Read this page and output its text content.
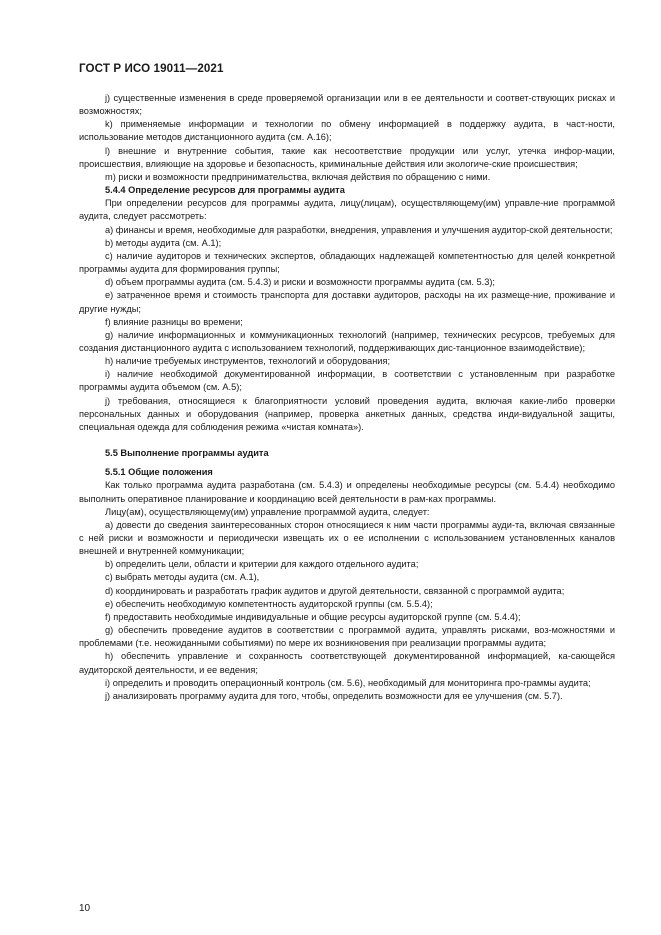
ГОСТ Р ИСО 19011—2021

j) существенные изменения в среде проверяемой организации или в ее деятельности и соответ-ствующих рисках и возможностях;

k) применяемые информации и технологии по обмену информацией в поддержку аудита, в част-ности, использование методов дистанционного аудита (см. А.16);

l) внешние и внутренние события, такие как несоответствие продукции или услуг, утечка инфор-мации, происшествия, влияющие на здоровье и безопасность, криминальные действия или экологиче-ские происшествия;

m) риски и возможности предпринимательства, включая действия по обращению с ними.

5.4.4 Определение ресурсов для программы аудита

При определении ресурсов для программы аудита, лицу(лицам), осуществляющему(им) управле-ние программой аудита, следует рассмотреть:

a) финансы и время, необходимые для разработки, внедрения, управления и улучшения аудитор-ской деятельности;

b) методы аудита (см. А.1);

c) наличие аудиторов и технических экспертов, обладающих надлежащей компетентностью для целей конкретной программы аудита для формирования группы;

d) объем программы аудита (см. 5.4.3) и риски и возможности программы аудита (см. 5.3);

e) затраченное время и стоимость транспорта для доставки аудиторов, расходы на их размеще-ние, проживание и другие нужды;

f) влияние разницы во времени;

g) наличие информационных и коммуникационных технологий (например, технических ресурсов, требуемых для создания дистанционного аудита с использованием технологий, поддерживающих дис-танционное взаимодействие);

h) наличие требуемых инструментов, технологий и оборудования;

i) наличие необходимой документированной информации, в соответствии с установленным при разработке программы аудита объемом (см. А.5);

j) требования, относящиеся к благоприятности условий проведения аудита, включая какие-либо проверки персональных данных и оборудования (например, проверка анкетных данных, средства инди-видуальной защиты, специальная одежда для соблюдения режима «чистая комната»).

5.5 Выполнение программы аудита

5.5.1 Общие положения

Как только программа аудита разработана (см. 5.4.3) и определены необходимые ресурсы (см. 5.4.4) необходимо выполнить оперативное планирование и координацию всей деятельности в рам-ках программы.

Лицу(ам), осуществляющему(им) управление программой аудита, следует:

a) довести до сведения заинтересованных сторон относящиеся к ним части программы ауди-та, включая связанные с ней риски и возможности и периодически извещать их о ее исполнении с использованием установленных каналов внешней и внутренней коммуникации;

b) определить цели, области и критерии для каждого отдельного аудита;

c) выбрать методы аудита (см. А.1),

d) координировать и разработать график аудитов и другой деятельности, связанной с программой аудита;

e) обеспечить необходимую компетентность аудиторской группы (см. 5.5.4);

f) предоставить необходимые индивидуальные и общие ресурсы аудиторской группе (см. 5.4.4);

g) обеспечить проведение аудитов в соответствии с программой аудита, управлять рисками, воз-можностями и проблемами (т.е. неожиданными событиями) по мере их возникновения при реализации программы аудита;

h) обеспечить управление и сохранность соответствующей документированной информацией, ка-сающейся аудиторской деятельности, и ее ведения;

i) определить и проводить операционный контроль (см. 5.6), необходимый для мониторинга про-граммы аудита;

j) анализировать программу аудита для того, чтобы, определить возможности для ее улучшения (см. 5.7).

10
